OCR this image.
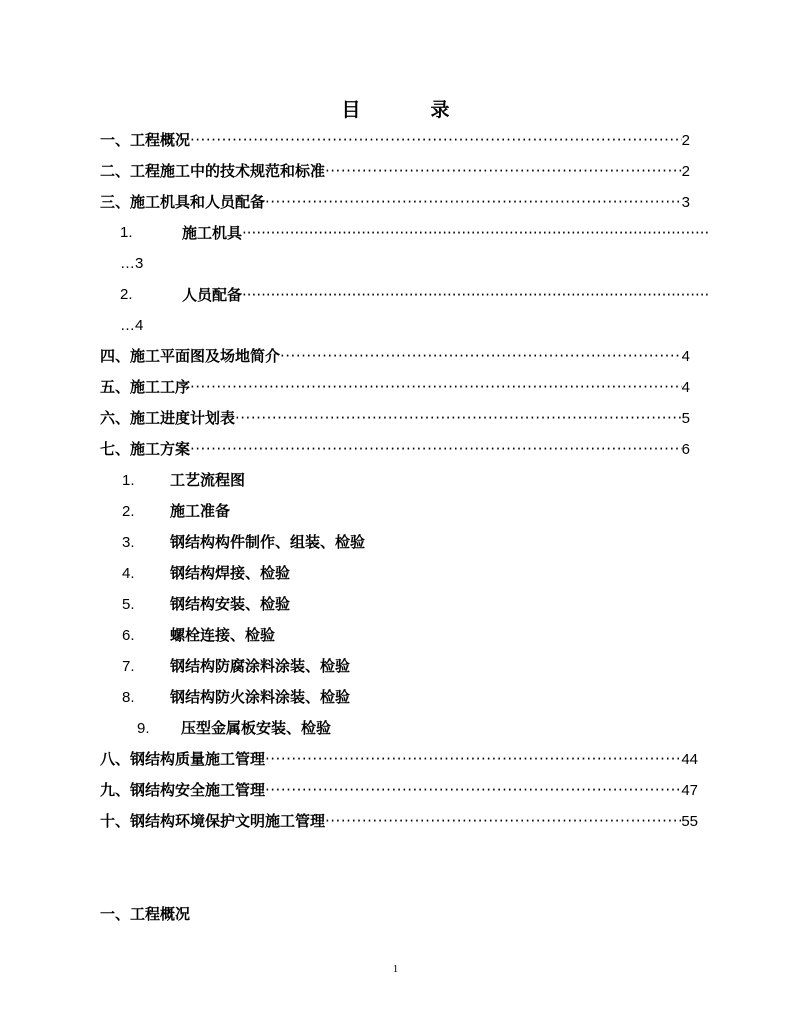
目	录
一、工程概况 ·····	2
二、工程施工中的技术规范和标准 ·····	2
三、施工机具和人员配备 ·····	3
1.	施工机具
·····
…3
2.	人员配备
·····
…4
四、施工平面图及场地简介 ·····	4
五、施工工序 ·····	4
六、施工进度计划表 ·····	5
七、施工方案 ·····	6
1. 工艺流程图
2. 施工准备
3. 钢结构构件制作、组装、检验
4. 钢结构焊接、检验
5. 钢结构安装、检验
6. 螺栓连接、检验
7. 钢结构防腐涂料涂装、检验
8. 钢结构防火涂料涂装、检验
9. 压型金属板安装、检验
八、钢结构质量施工管理 ·····	44
九、钢结构安全施工管理 ·····	47
十、钢结构环境保护文明施工管理 ·····	55
一、工程概况
1
